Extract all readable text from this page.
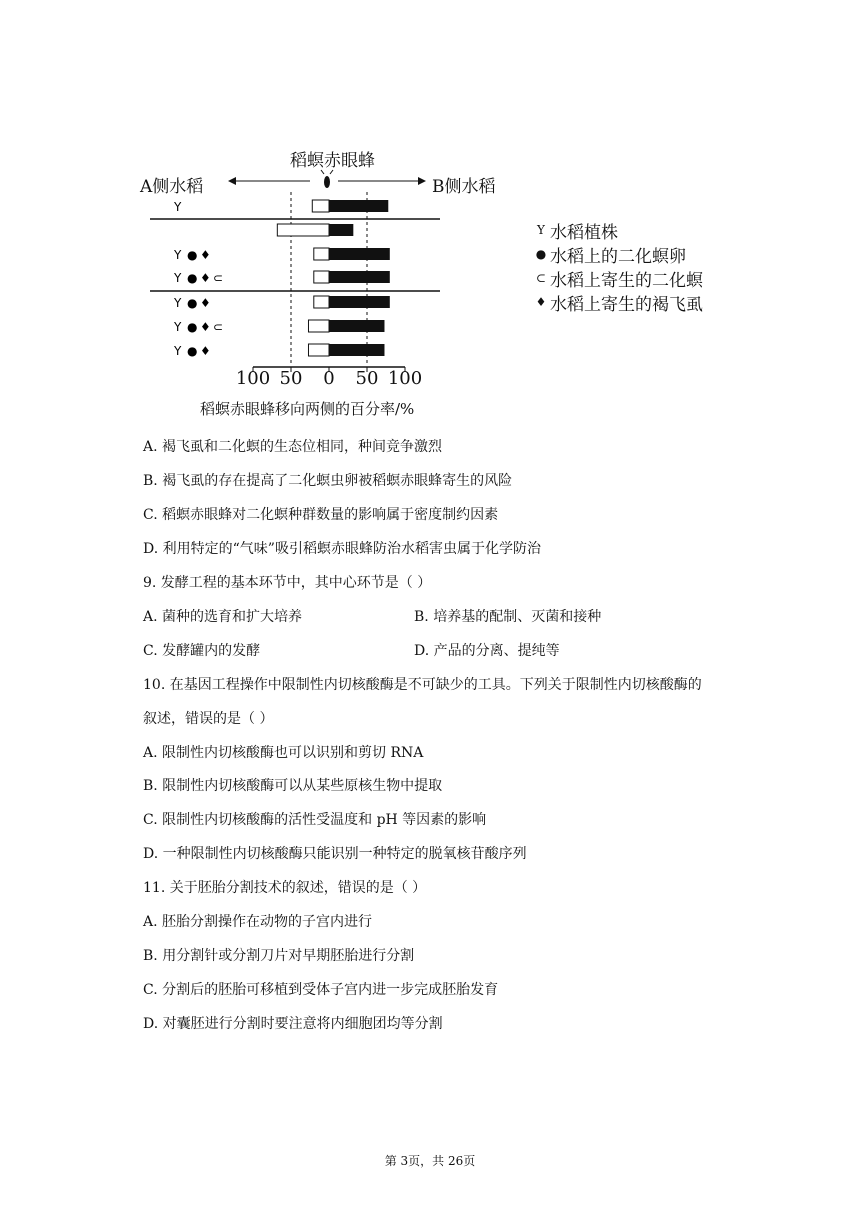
稻螟赤眼蜂
A侧水稻	B侧水稻
Y
Y ● ♦
Y ● ♦ ⊂
Y ● ♦
Y ● ♦ ⊂
Y ● ♦
100 50 0 50 100
稻螟赤眼蜂移向两侧的百分率/%
Y 水稻植株
● 水稻上的二化螟卵
⊂ 水稻上寄生的二化螟
♦ 水稻上寄生的褐飞虱
A. 褐飞虱和二化螟的生态位相同，种间竞争激烈
B. 褐飞虱的存在提高了二化螟虫卵被稻螟赤眼蜂寄生的风险
C. 稻螟赤眼蜂对二化螟种群数量的影响属于密度制约因素
D. 利用特定的“气味”吸引稻螟赤眼蜂防治水稻害虫属于化学防治
9. 发酵工程的基本环节中，其中心环节是（ ）
A. 菌种的选育和扩大培养	B. 培养基的配制、灭菌和接种
C. 发酵罐内的发酵	D. 产品的分离、提纯等
10. 在基因工程操作中限制性内切核酸酶是不可缺少的工具。下列关于限制性内切核酸酶的
叙述，错误的是（ ）
A. 限制性内切核酸酶也可以识别和剪切 RNA
B. 限制性内切核酸酶可以从某些原核生物中提取
C. 限制性内切核酸酶的活性受温度和 pH 等因素的影响
D. 一种限制性内切核酸酶只能识别一种特定的脱氧核苷酸序列
11. 关于胚胎分割技术的叙述，错误的是（ ）
A. 胚胎分割操作在动物的子宫内进行
B. 用分割针或分割刀片对早期胚胎进行分割
C. 分割后的胚胎可移植到受体子宫内进一步完成胚胎发育
D. 对囊胚进行分割时要注意将内细胞团均等分割
第 3页，共 26页
